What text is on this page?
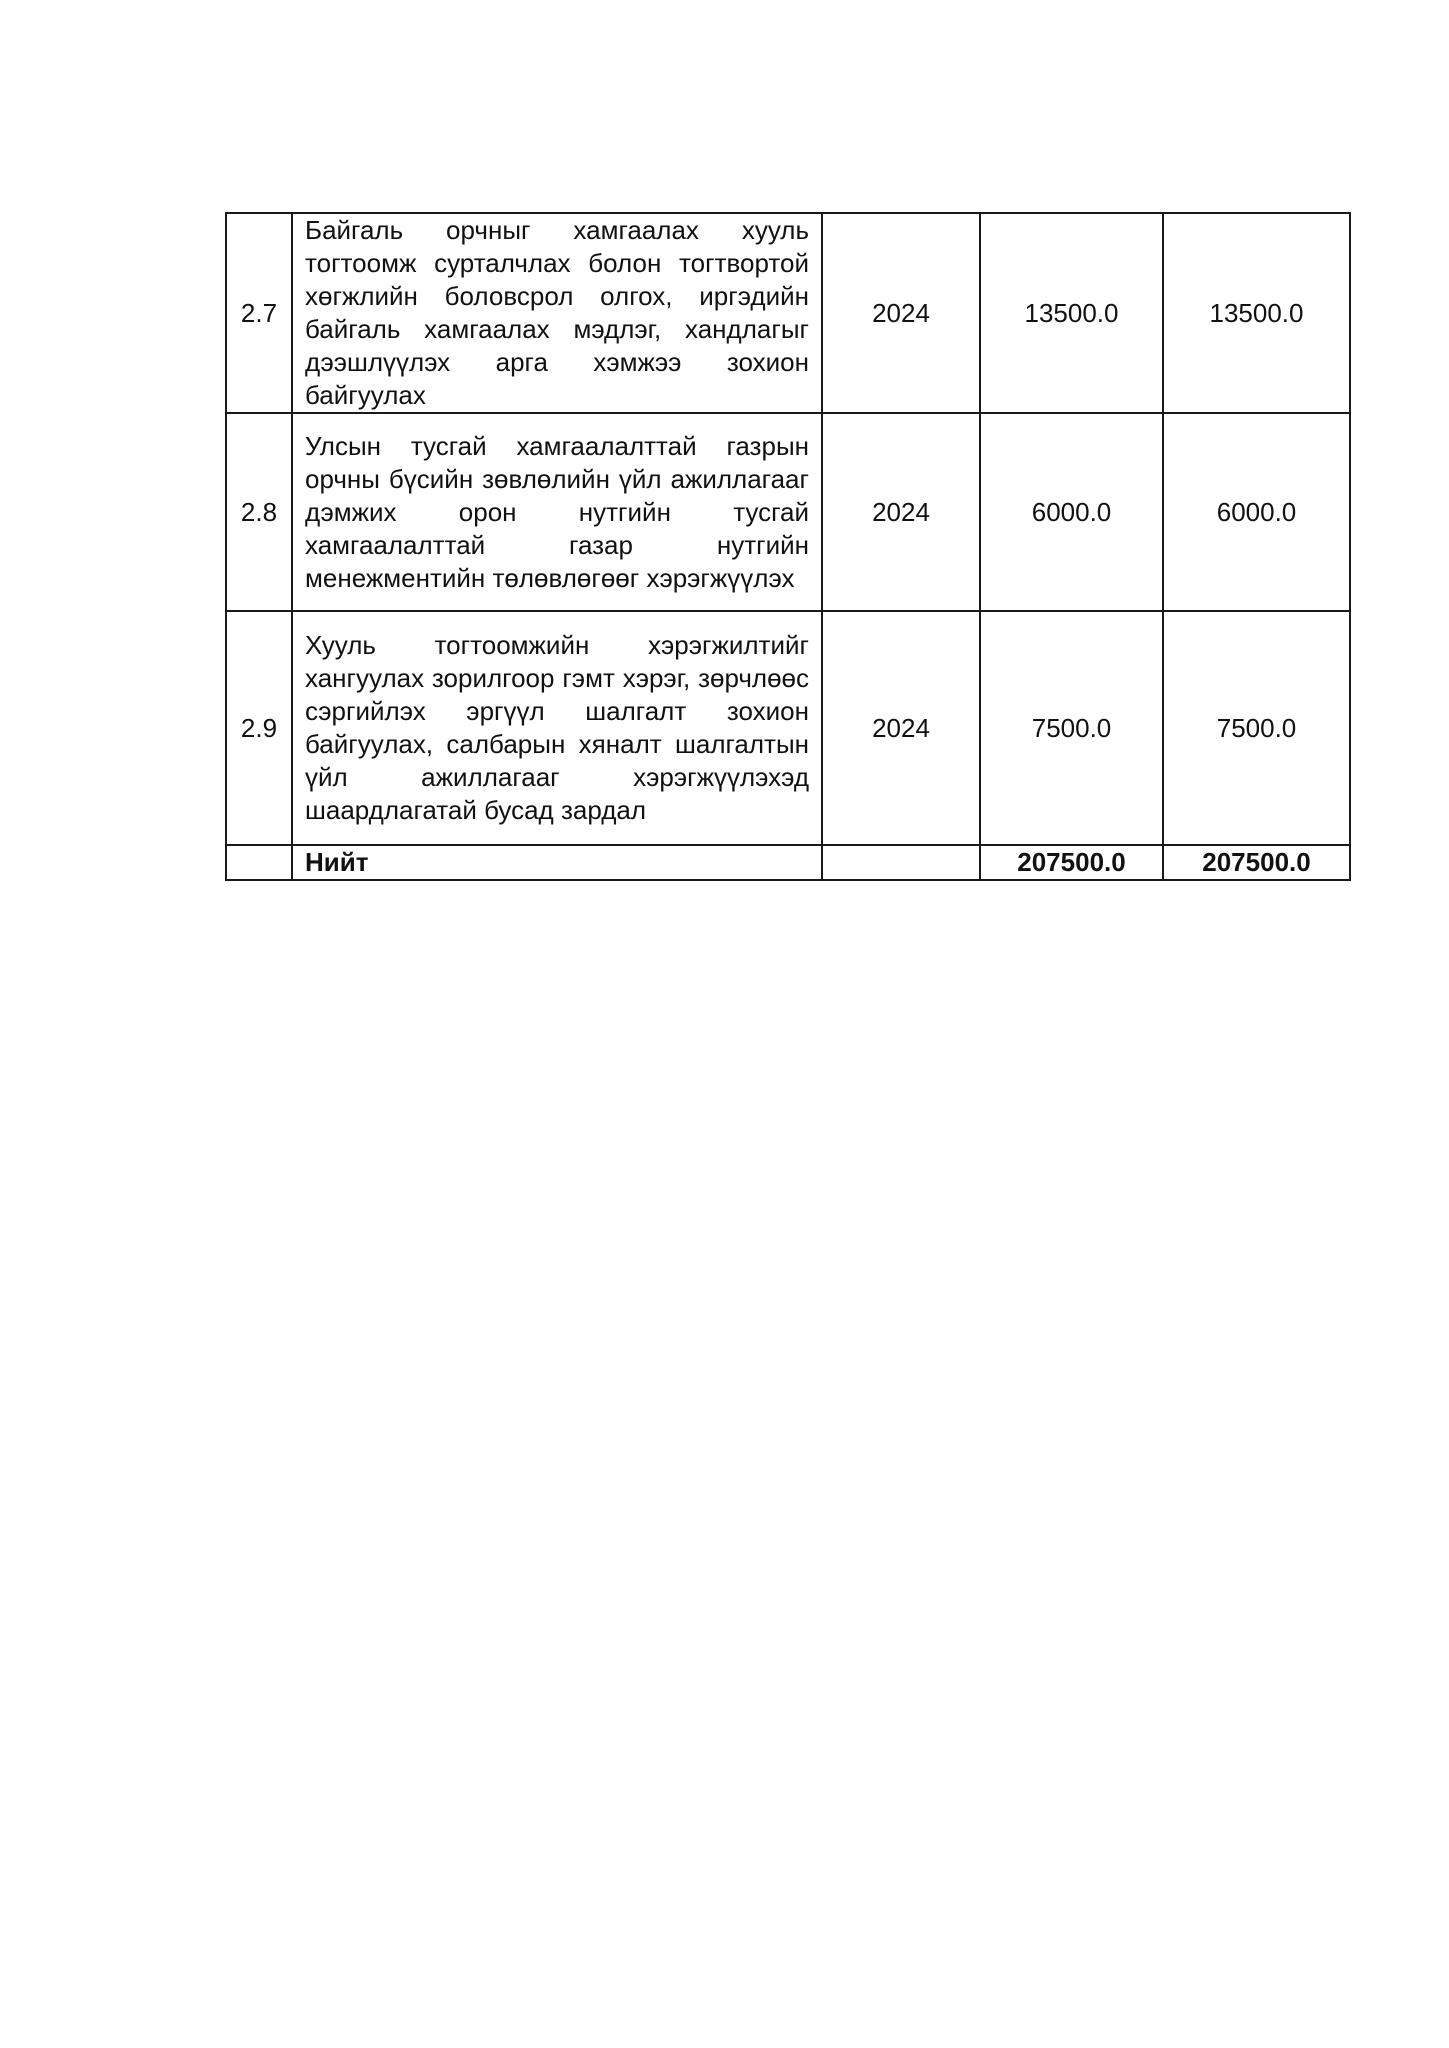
2.7	Байгаль орчныг хамгаалах хууль тогтоомж сурталчлах болон тогтвортой хөгжлийн боловсрол олгох, иргэдийн байгаль хамгаалах мэдлэг, хандлагыг дээшлүүлэх арга хэмжээ зохион байгуулах	2024	13500.0	13500.0
2.8	Улсын тусгай хамгаалалттай газрын орчны бүсийн зөвлөлийн үйл ажиллагааг дэмжих орон нутгийн тусгай хамгаалалттай газар нутгийн менежментийн төлөвлөгөөг хэрэгжүүлэх	2024	6000.0	6000.0
2.9	Хууль тогтоомжийн хэрэгжилтийг хангуулах зорилгоор гэмт хэрэг, зөрчлөөс сэргийлэх эргүүл шалгалт зохион байгуулах, салбарын хяналт шалгалтын үйл ажиллагааг хэрэгжүүлэхэд шаардлагатай бусад зардал	2024	7500.0	7500.0
	Нийт		207500.0	207500.0
